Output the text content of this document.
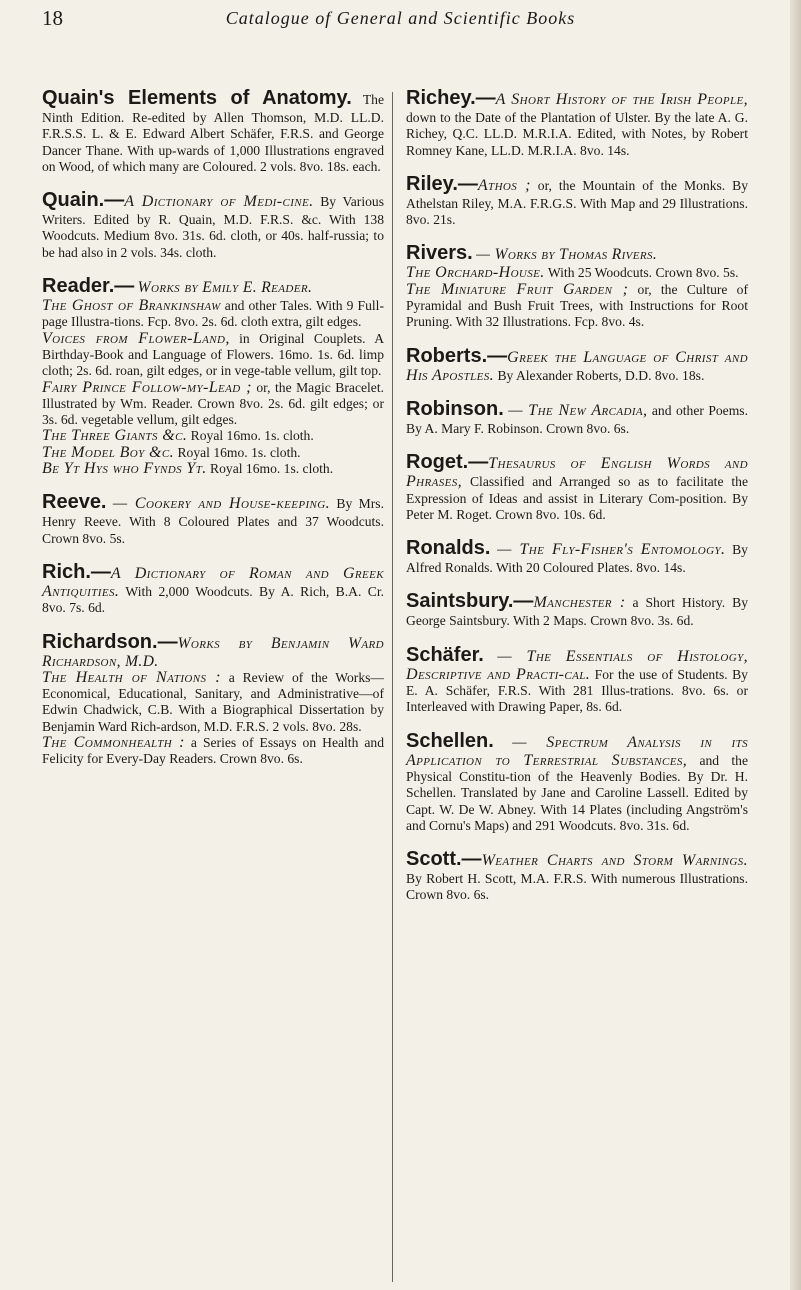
18	Catalogue of General and Scientific Books

Quain's Elements of Anatomy. The Ninth Edition. Re-edited by Allen Thomson, M.D. LL.D. F.R.S.S. L. & E. Edward Albert Schäfer, F.R.S. and George Dancer Thane. With up-wards of 1,000 Illustrations engraved on Wood, of which many are Coloured. 2 vols. 8vo. 18s. each.

Quain.—A Dictionary of Medi-cine. By Various Writers. Edited by R. Quain, M.D. F.R.S. &c. With 138 Woodcuts. Medium 8vo. 31s. 6d. cloth, or 40s. half-russia; to be had also in 2 vols. 34s. cloth.

Reader.— Works by Emily E. Reader.

The Ghost of Brankinshaw and other Tales. With 9 Full-page Illustra-tions. Fcp. 8vo. 2s. 6d. cloth extra, gilt edges.

Voices from Flower-Land, in Original Couplets. A Birthday-Book and Language of Flowers. 16mo. 1s. 6d. limp cloth; 2s. 6d. roan, gilt edges, or in vege-table vellum, gilt top.

Fairy Prince Follow-my-Lead ; or, the Magic Bracelet. Illustrated by Wm. Reader. Crown 8vo. 2s. 6d. gilt edges; or 3s. 6d. vegetable vellum, gilt edges.

The Three Giants &c. Royal 16mo. 1s. cloth.

The Model Boy &c. Royal 16mo. 1s. cloth.

Be Yt Hys who Fynds Yt. Royal 16mo. 1s. cloth.

Reeve. — Cookery and House-keeping. By Mrs. Henry Reeve. With 8 Coloured Plates and 37 Woodcuts. Crown 8vo. 5s.

Rich.—A Dictionary of Roman and Greek Antiquities. With 2,000 Woodcuts. By A. Rich, B.A. Cr. 8vo. 7s. 6d.

Richardson.—Works by Benjamin Ward Richardson, M.D.

The Health of Nations : a Review of the Works—Economical, Educational, Sanitary, and Administrative—of Edwin Chadwick, C.B. With a Biographical Dissertation by Benjamin Ward Rich-ardson, M.D. F.R.S. 2 vols. 8vo. 28s.

The Commonhealth : a Series of Essays on Health and Felicity for Every-Day Readers. Crown 8vo. 6s.

Richey.—A Short History of the Irish People, down to the Date of the Plantation of Ulster. By the late A. G. Richey, Q.C. LL.D. M.R.I.A. Edited, with Notes, by Robert Romney Kane, LL.D. M.R.I.A. 8vo. 14s.

Riley.—Athos ; or, the Mountain of the Monks. By Athelstan Riley, M.A. F.R.G.S. With Map and 29 Illustrations. 8vo. 21s.

Rivers. — Works by Thomas Rivers.

The Orchard-House. With 25 Woodcuts. Crown 8vo. 5s.

The Miniature Fruit Garden ; or, the Culture of Pyramidal and Bush Fruit Trees, with Instructions for Root Pruning. With 32 Illustrations. Fcp. 8vo. 4s.

Roberts.—Greek the Language of Christ and His Apostles. By Alexander Roberts, D.D. 8vo. 18s.

Robinson. — The New Arcadia, and other Poems. By A. Mary F. Robinson. Crown 8vo. 6s.

Roget.—Thesaurus of English Words and Phrases, Classified and Arranged so as to facilitate the Expression of Ideas and assist in Literary Com-position. By Peter M. Roget. Crown 8vo. 10s. 6d.

Ronalds. — The Fly-Fisher's Entomology. By Alfred Ronalds. With 20 Coloured Plates. 8vo. 14s.

Saintsbury.—Manchester : a Short History. By George Saintsbury. With 2 Maps. Crown 8vo. 3s. 6d.

Schäfer. — The Essentials of Histology, Descriptive and Practi-cal. For the use of Students. By E. A. Schäfer, F.R.S. With 281 Illus-trations. 8vo. 6s. or Interleaved with Drawing Paper, 8s. 6d.

Schellen. — Spectrum Analysis in its Application to Terrestrial Substances, and the Physical Constitu-tion of the Heavenly Bodies. By Dr. H. Schellen. Translated by Jane and Caroline Lassell. Edited by Capt. W. De W. Abney. With 14 Plates (including Angström's and Cornu's Maps) and 291 Woodcuts. 8vo. 31s. 6d.

Scott.—Weather Charts and Storm Warnings. By Robert H. Scott, M.A. F.R.S. With numerous Illustrations. Crown 8vo. 6s.
